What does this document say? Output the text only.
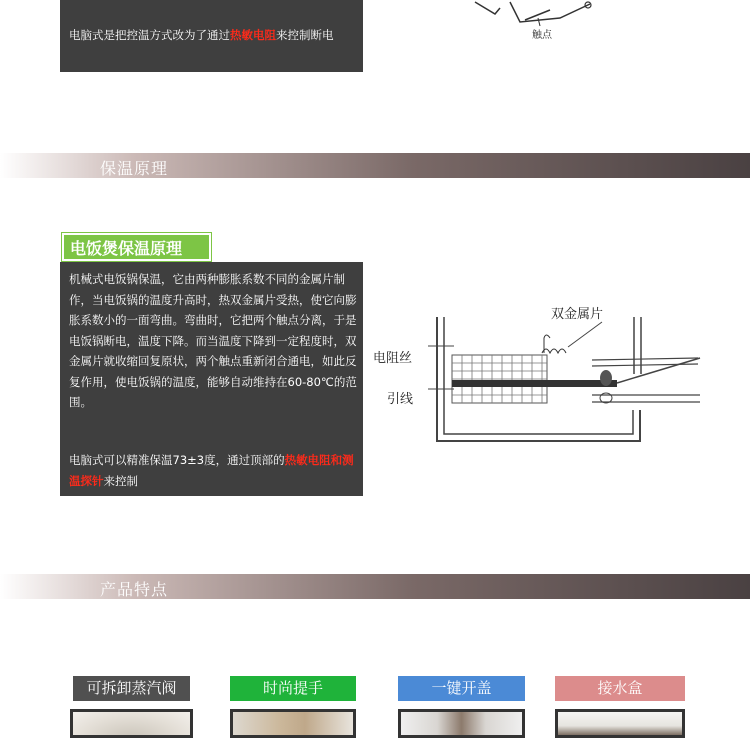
电脑式是把控温方式改为了通过热敏电阻来控制断电	触点
保温原理
电饭煲保温原理
机械式电饭锅保温，它由两种膨胀系数不同的金属片制作，当电饭锅的温度升高时，热双金属片受热，使它向膨胀系数小的一面弯曲。弯曲时，它把两个触点分离，于是电饭锅断电，温度下降。而当温度下降到一定程度时，双金属片就收缩回复原状，两个触点重新闭合通电，如此反复作用，使电饭锅的温度，能够自动维持在60-80℃的范围。
电脑式可以精准保温73±3度，通过顶部的热敏电阻和测温探针来控制
双金属片
电阻丝
引线
产品特点
可拆卸蒸汽阀	时尚提手	一键开盖	接水盒
